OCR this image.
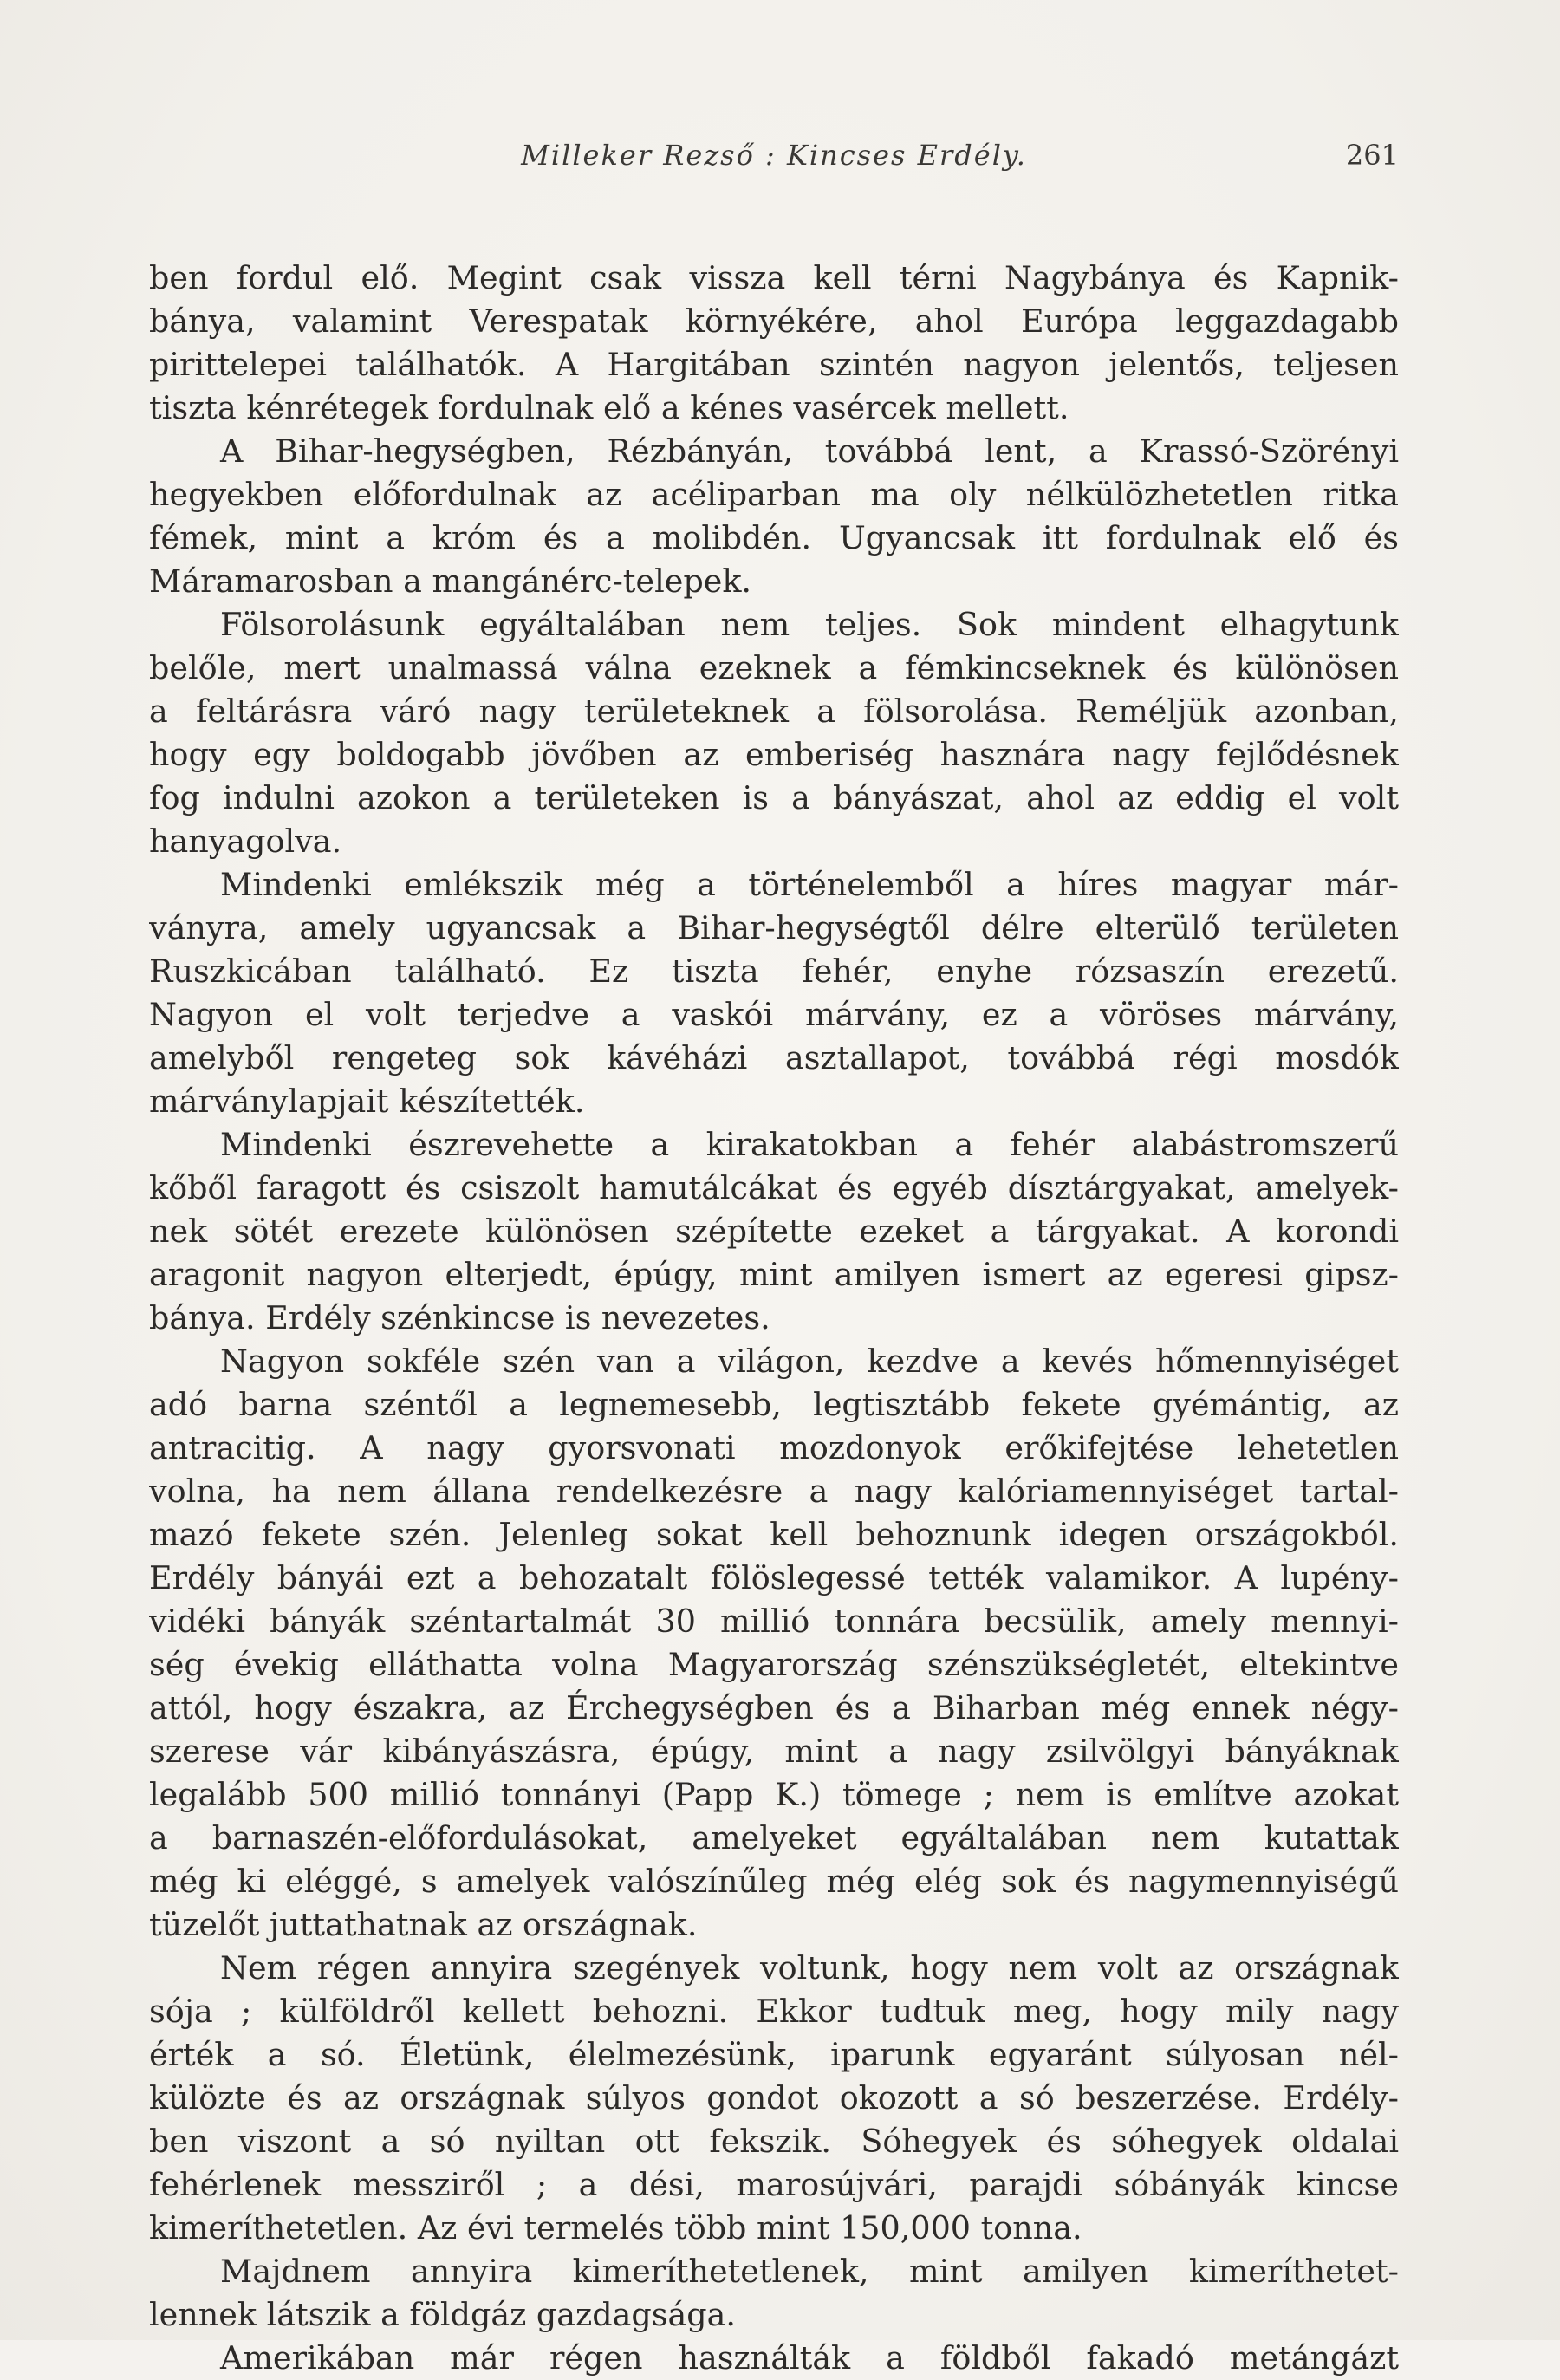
Milleker Rezső : Kincses Erdély.	261
ben fordul elő. Megint csak vissza kell térni Nagybánya és Kapnik-
bánya, valamint Verespatak környékére, ahol Európa leggazdagabb
pirittelepei találhatók. A Hargitában szintén nagyon jelentős, teljesen
tiszta kénrétegek fordulnak elő a kénes vasércek mellett.
A Bihar-hegységben, Rézbányán, továbbá lent, a Krassó-Szörényi
hegyekben előfordulnak az acéliparban ma oly nélkülözhetetlen ritka
fémek, mint a króm és a molibdén. Ugyancsak itt fordulnak elő és
Máramarosban a mangánérc-telepek.
Fölsorolásunk egyáltalában nem teljes. Sok mindent elhagytunk
belőle, mert unalmassá válna ezeknek a fémkincseknek és különösen
a feltárásra váró nagy területeknek a fölsorolása. Reméljük azonban,
hogy egy boldogabb jövőben az emberiség hasznára nagy fejlődésnek
fog indulni azokon a területeken is a bányászat, ahol az eddig el volt
hanyagolva.
Mindenki emlékszik még a történelemből a híres magyar már-
ványra, amely ugyancsak a Bihar-hegységtől délre elterülő területen
Ruszkicában található. Ez tiszta fehér, enyhe rózsaszín erezetű.
Nagyon el volt terjedve a vaskói márvány, ez a vöröses márvány,
amelyből rengeteg sok kávéházi asztallapot, továbbá régi mosdók
márványlapjait készítették.
Mindenki észrevehette a kirakatokban a fehér alabástromszerű
kőből faragott és csiszolt hamutálcákat és egyéb dísztárgyakat, amelyek-
nek sötét erezete különösen szépítette ezeket a tárgyakat. A korondi
aragonit nagyon elterjedt, épúgy, mint amilyen ismert az egeresi gipsz-
bánya. Erdély szénkincse is nevezetes.
Nagyon sokféle szén van a világon, kezdve a kevés hőmennyiséget
adó barna széntől a legnemesebb, legtisztább fekete gyémántig, az
antracitig. A nagy gyorsvonati mozdonyok erőkifejtése lehetetlen
volna, ha nem állana rendelkezésre a nagy kalóriamennyiséget tartal-
mazó fekete szén. Jelenleg sokat kell behoznunk idegen országokból.
Erdély bányái ezt a behozatalt fölöslegessé tették valamikor. A lupény-
vidéki bányák széntartalmát 30 millió tonnára becsülik, amely mennyi-
ség évekig elláthatta volna Magyarország szénszükségletét, eltekintve
attól, hogy északra, az Érchegységben és a Biharban még ennek négy-
szerese vár kibányászásra, épúgy, mint a nagy zsilvölgyi bányáknak
legalább 500 millió tonnányi (Papp K.) tömege ; nem is említve azokat
a barnaszén-előfordulásokat, amelyeket egyáltalában nem kutattak
még ki eléggé, s amelyek valószínűleg még elég sok és nagymennyiségű
tüzelőt juttathatnak az országnak.
Nem régen annyira szegények voltunk, hogy nem volt az országnak
sója ; külföldről kellett behozni. Ekkor tudtuk meg, hogy mily nagy
érték a só. Életünk, élelmezésünk, iparunk egyaránt súlyosan nél-
külözte és az országnak súlyos gondot okozott a só beszerzése. Erdély-
ben viszont a só nyiltan ott fekszik. Sóhegyek és sóhegyek oldalai
fehérlenek messziről ; a dési, marosújvári, parajdi sóbányák kincse
kimeríthetetlen. Az évi termelés több mint 150,000 tonna.
Majdnem annyira kimeríthetetlenek, mint amilyen kimeríthetet-
lennek látszik a földgáz gazdagsága.
Amerikában már régen használták a földből fakadó metángázt
